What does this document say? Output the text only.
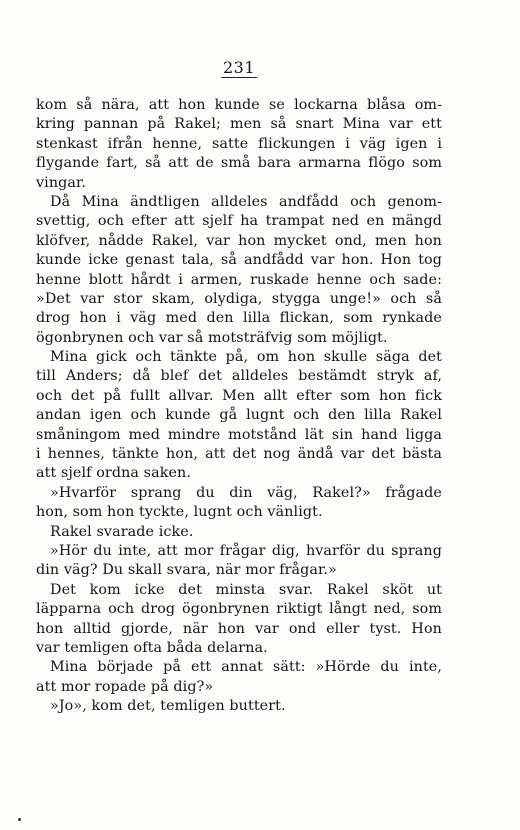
231
kom så nära, att hon kunde se lockarna blåsa om-
kring pannan på Rakel; men så snart Mina var ett
stenkast ifrån henne, satte flickungen i väg igen i
flygande fart, så att de små bara armarna flögo som
vingar.
Då Mina ändtligen alldeles andfådd och genom-
svettig, och efter att sjelf ha trampat ned en mängd
klöfver, nådde Rakel, var hon mycket ond, men hon
kunde icke genast tala, så andfådd var hon. Hon tog
henne blott hårdt i armen, ruskade henne och sade:
»Det var stor skam, olydiga, stygga unge!» och så
drog hon i väg med den lilla flickan, som rynkade
ögonbrynen och var så motsträfvig som möjligt.
Mina gick och tänkte på, om hon skulle säga det
till Anders; då blef det alldeles bestämdt stryk af,
och det på fullt allvar. Men allt efter som hon fick
andan igen och kunde gå lugnt och den lilla Rakel
småningom med mindre motstånd lät sin hand ligga
i hennes, tänkte hon, att det nog ändå var det bästa
att sjelf ordna saken.
»Hvarför sprang du din väg, Rakel?» frågade
hon, som hon tyckte, lugnt och vänligt.
Rakel svarade icke.
»Hör du inte, att mor frågar dig, hvarför du sprang
din väg? Du skall svara, när mor frågar.»
Det kom icke det minsta svar. Rakel sköt ut
läpparna och drog ögonbrynen riktigt långt ned, som
hon alltid gjorde, när hon var ond eller tyst. Hon
var temligen ofta båda delarna.
Mina började på ett annat sätt: »Hörde du inte,
att mor ropade på dig?»
»Jo», kom det, temligen buttert.
